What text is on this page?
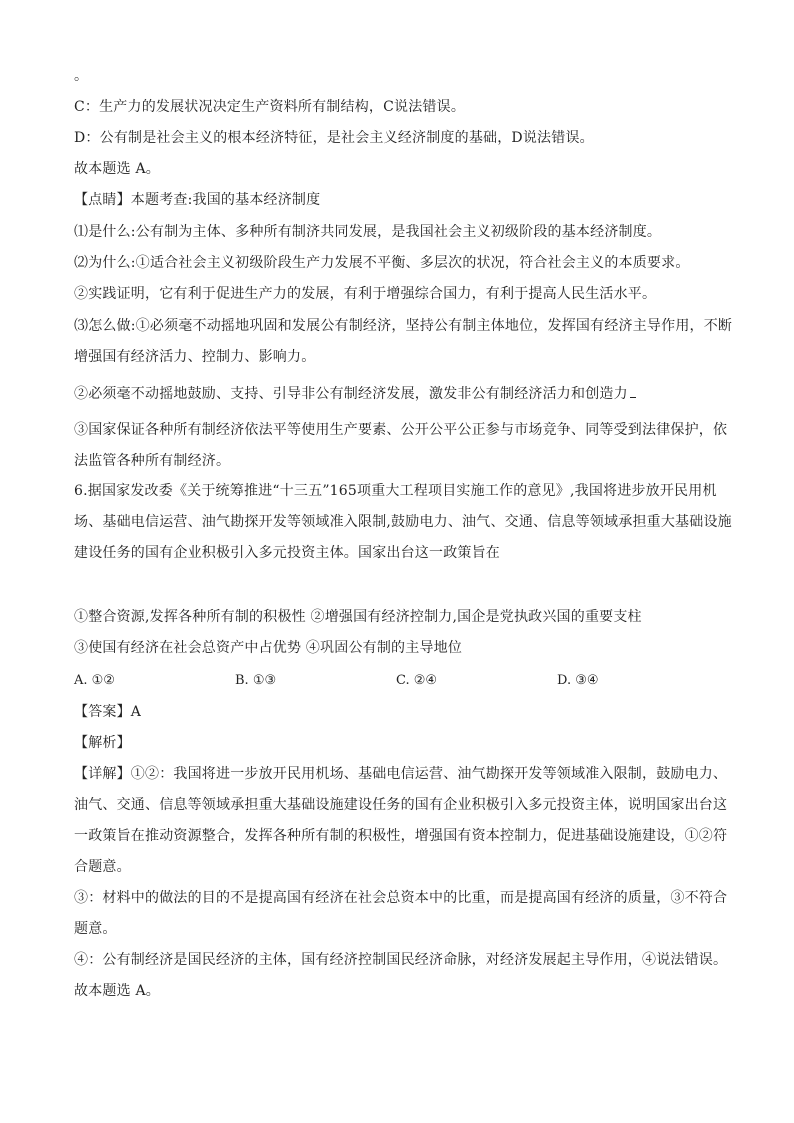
。
C：生产力的发展状况决定生产资料所有制结构，C说法错误。
D：公有制是社会主义的根本经济特征，是社会主义经济制度的基础，D说法错误。
故本题选 A。
【点睛】本题考查:我国的基本经济制度
⑴是什么:公有制为主体、多种所有制济共同发展，是我国社会主义初级阶段的基本经济制度。
⑵为什么:①适合社会主义初级阶段生产力发展不平衡、多层次的状况，符合社会主义的本质要求。
②实践证明，它有利于促进生产力的发展，有利于增强综合国力，有利于提高人民生活水平。
⑶怎么做:①必须毫不动摇地巩固和发展公有制经济，坚持公有制主体地位，发挥国有经济主导作用，不断
增强国有经济活力、控制力、影响力。
②必须毫不动摇地鼓励、支持、引导非公有制经济发展，激发非公有制经济活力和创造力
③国家保证各种所有制经济依法平等使用生产要素、公开公平公正参与市场竞争、同等受到法律保护，依
法监管各种所有制经济。
6.据国家发改委《关于统筹推进“十三五”165项重大工程项目实施工作的意见》,我国将进步放开民用机
场、基础电信运营、油气勘探开发等领域准入限制,鼓励电力、油气、交通、信息等领域承担重大基础设施
建设任务的国有企业积极引入多元投资主体。国家出台这一政策旨在
①整合资源,发挥各种所有制的积极性 ②增强国有经济控制力,国企是党执政兴国的重要支柱
③使国有经济在社会总资产中占优势 ④巩固公有制的主导地位
A. ①②	B. ①③	C. ②④	D. ③④
【答案】A
【解析】
【详解】①②：我国将进一步放开民用机场、基础电信运营、油气勘探开发等领域准入限制，鼓励电力、
油气、交通、信息等领域承担重大基础设施建设任务的国有企业积极引入多元投资主体，说明国家出台这
一政策旨在推动资源整合，发挥各种所有制的积极性，增强国有资本控制力，促进基础设施建设，①②符
合题意。
③：材料中的做法的目的不是提高国有经济在社会总资本中的比重，而是提高国有经济的质量，③不符合
题意。
④：公有制经济是国民经济的主体，国有经济控制国民经济命脉，对经济发展起主导作用，④说法错误。
故本题选 A。
